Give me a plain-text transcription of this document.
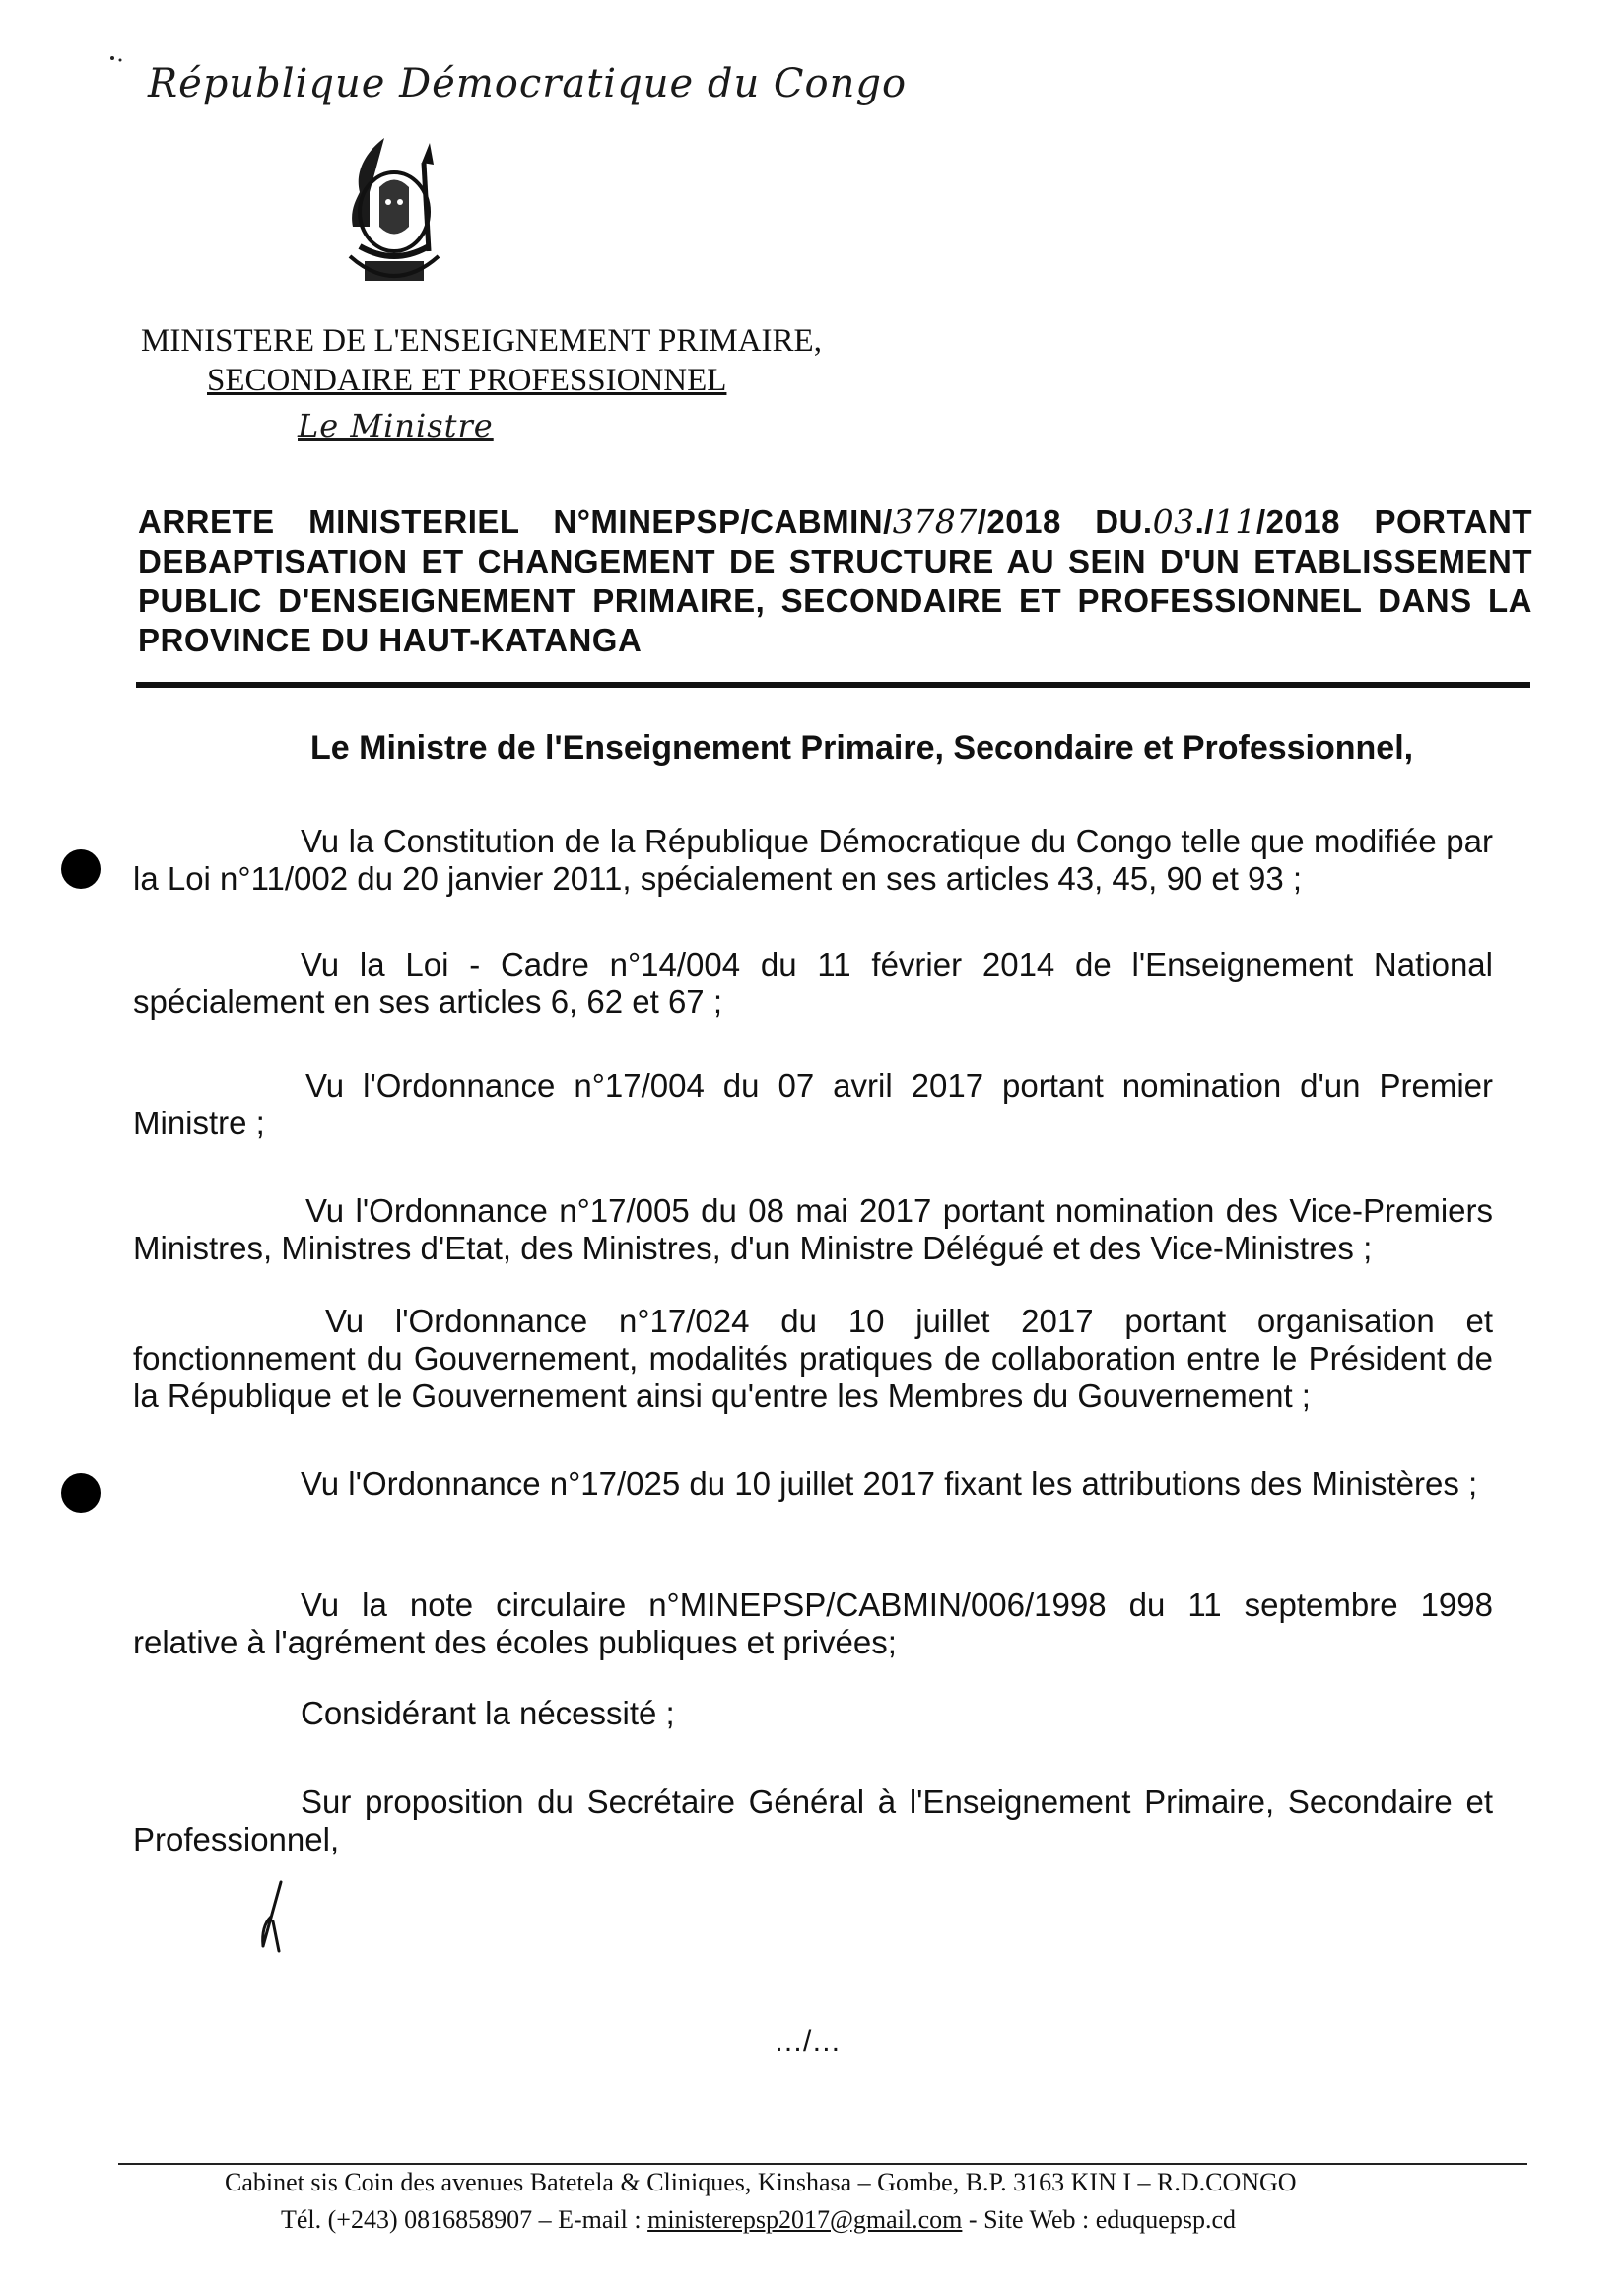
République Démocratique du Congo
MINISTERE DE L'ENSEIGNEMENT PRIMAIRE,
SECONDAIRE ET PROFESSIONNEL
Le Ministre
ARRETE MINISTERIEL N°MINEPSP/CABMIN/3787/2018 DU.03./11/2018 PORTANT DEBAPTISATION ET CHANGEMENT DE STRUCTURE AU SEIN D'UN ETABLISSEMENT PUBLIC D'ENSEIGNEMENT PRIMAIRE, SECONDAIRE ET PROFESSIONNEL DANS LA PROVINCE DU HAUT-KATANGA
Le Ministre de l'Enseignement Primaire, Secondaire et Professionnel,
Vu la Constitution de la République Démocratique du Congo telle que modifiée par la Loi n°11/002 du 20 janvier 2011, spécialement en ses articles 43, 45, 90 et 93 ;
Vu la Loi - Cadre n°14/004 du 11 février 2014 de l'Enseignement National spécialement en ses articles 6, 62 et 67 ;
Vu l'Ordonnance n°17/004 du 07 avril 2017 portant nomination d'un Premier Ministre ;
Vu l'Ordonnance n°17/005 du 08 mai 2017 portant nomination des Vice-Premiers Ministres, Ministres d'Etat, des Ministres, d'un Ministre Délégué et des Vice-Ministres ;
Vu l'Ordonnance n°17/024 du 10 juillet 2017 portant organisation et fonctionnement du Gouvernement, modalités pratiques de collaboration entre le Président de la République et le Gouvernement ainsi qu'entre les Membres du Gouvernement ;
Vu l'Ordonnance n°17/025 du 10 juillet 2017 fixant les attributions des Ministères ;
Vu la note circulaire n°MINEPSP/CABMIN/006/1998 du 11 septembre 1998 relative à l'agrément des écoles publiques et privées;
Considérant la nécessité ;
Sur proposition du Secrétaire Général à l'Enseignement Primaire, Secondaire et Professionnel,
…/…
Cabinet sis Coin des avenues Batetela & Cliniques, Kinshasa – Gombe, B.P. 3163 KIN I – R.D.CONGO
Tél. (+243) 0816858907 – E-mail : ministerepsp2017@gmail.com - Site Web : eduquepsp.cd
